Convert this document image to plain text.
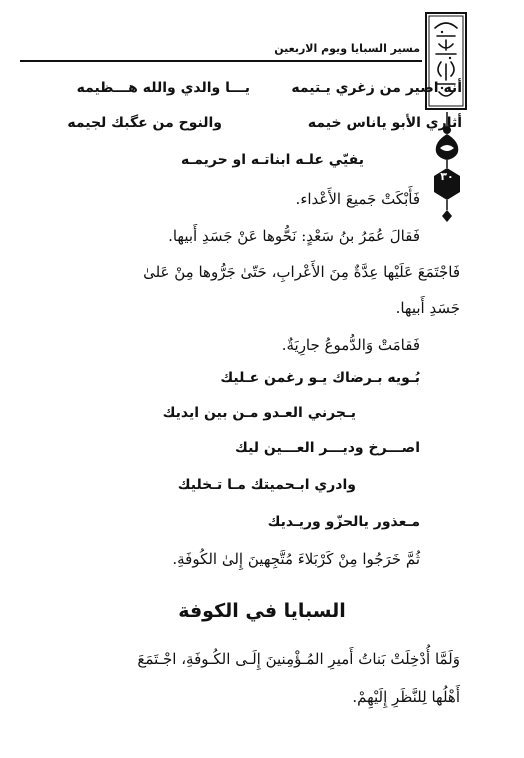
مسير السبايا ويوم الاربعين
٣٠
يـــا والدي والله هـــظيمه	أنه اصير من زغري يـتيمه
والنوح من عگبك لجيمه	أثاري الأبو ياناس خيمه
يفيّي علـه ابناتـه او حريمـه
فَأَبْكَتْ جَميعَ الأَعْداء.
فَقالَ عُمَرُ بنُ سَعْدٍ: نَحُّوها عَنْ جَسَدِ أَبيها.
فَاجْتَمَعَ عَلَيْها عِدَّةٌ مِنَ الأَعْرابِ، حَتّىٰ جَرُّوها مِنْ عَلىٰ
جَسَدِ أَبيها.
فَقامَتْ وَالدُّموعُ جارِيَةٌ.
بُـويه بـرضاك يـو رغمن عـليك
يـجرني العـدو مـن بين ايديك
اصـــرخ وديـــر العـــين ليك
وادري ابـحميتك مـا تـخليك
مـعذور يالحزّو وريـديك
ثُمَّ خَرَجُوا مِنْ كَرْبَلاءَ مُتَّجِهينَ إِلىٰ الكُوفَةِ.
السبايا في الكوفة
وَلَمَّا أُدْخِلَتْ بَناتُ أَميرِ المُـؤْمِنينَ إِلَـى الكُـوفَةِ، اجْـتَمَعَ
أَهْلُها لِلنَّظَرِ إِلَيْهِمْ.
